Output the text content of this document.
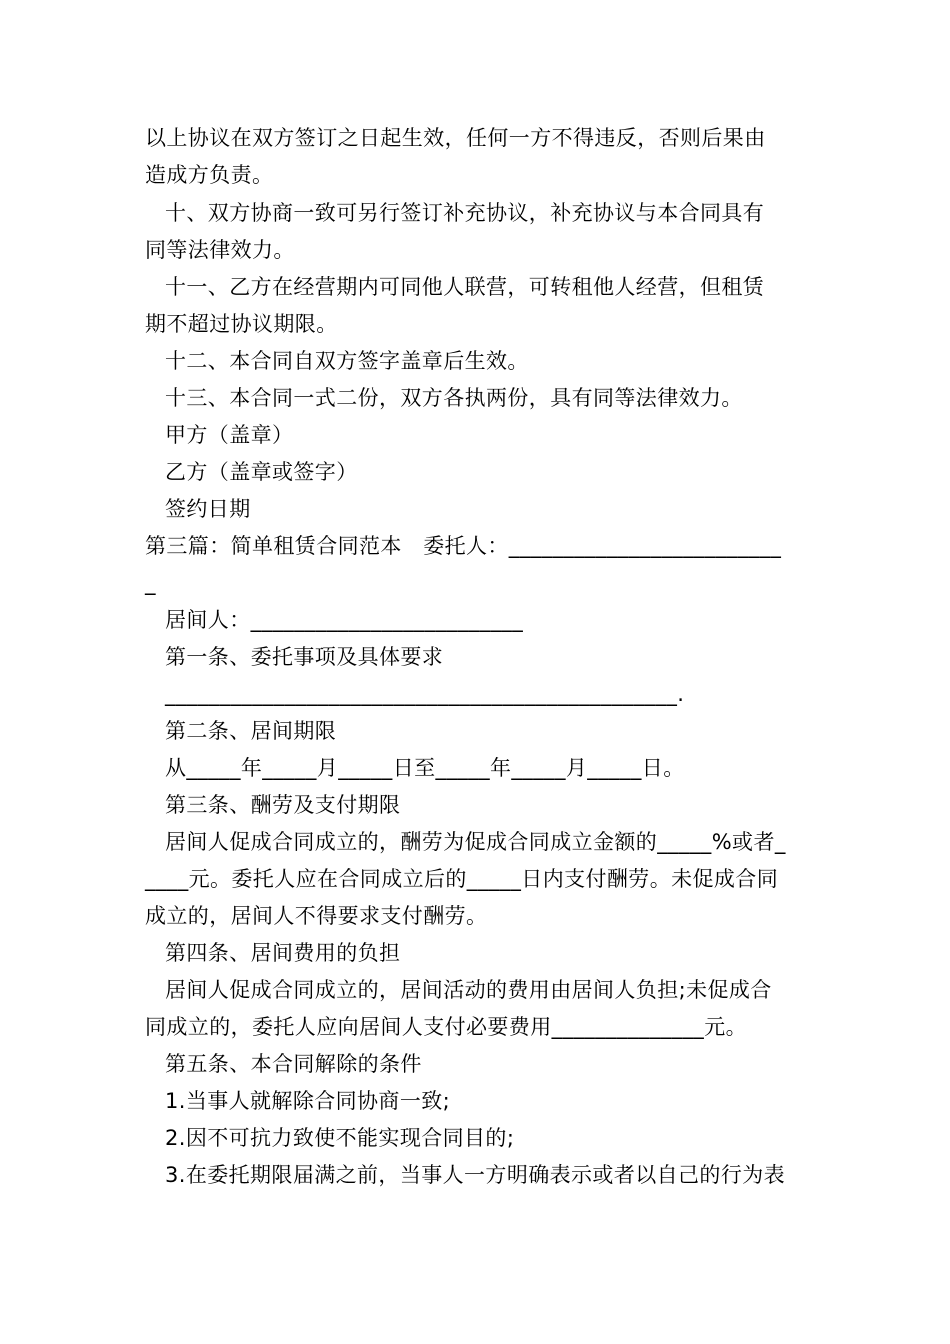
以上协议在双方签订之日起生效，任何一方不得违反，否则后果由
造成方负责。
十、双方协商一致可另行签订补充协议，补充协议与本合同具有
同等法律效力。
十一、乙方在经营期内可同他人联营，可转租他人经营，但租赁
期不超过协议期限。
十二、本合同自双方签字盖章后生效。
十三、本合同一式二份，双方各执两份，具有同等法律效力。
甲方（盖章）
乙方（盖章或签字）
签约日期
第三篇：简单租赁合同范本　委托人：_________________________
_
居间人：_________________________
第一条、委托事项及具体要求
_______________________________________________.
第二条、居间期限
从_____年_____月_____日至_____年_____月_____日。
第三条、酬劳及支付期限
居间人促成合同成立的，酬劳为促成合同成立金额的_____%或者_
____元。委托人应在合同成立后的_____日内支付酬劳。未促成合同
成立的，居间人不得要求支付酬劳。
第四条、居间费用的负担
居间人促成合同成立的，居间活动的费用由居间人负担;未促成合
同成立的，委托人应向居间人支付必要费用______________元。
第五条、本合同解除的条件
1.当事人就解除合同协商一致;
2.因不可抗力致使不能实现合同目的;
3.在委托期限届满之前，当事人一方明确表示或者以自己的行为表
